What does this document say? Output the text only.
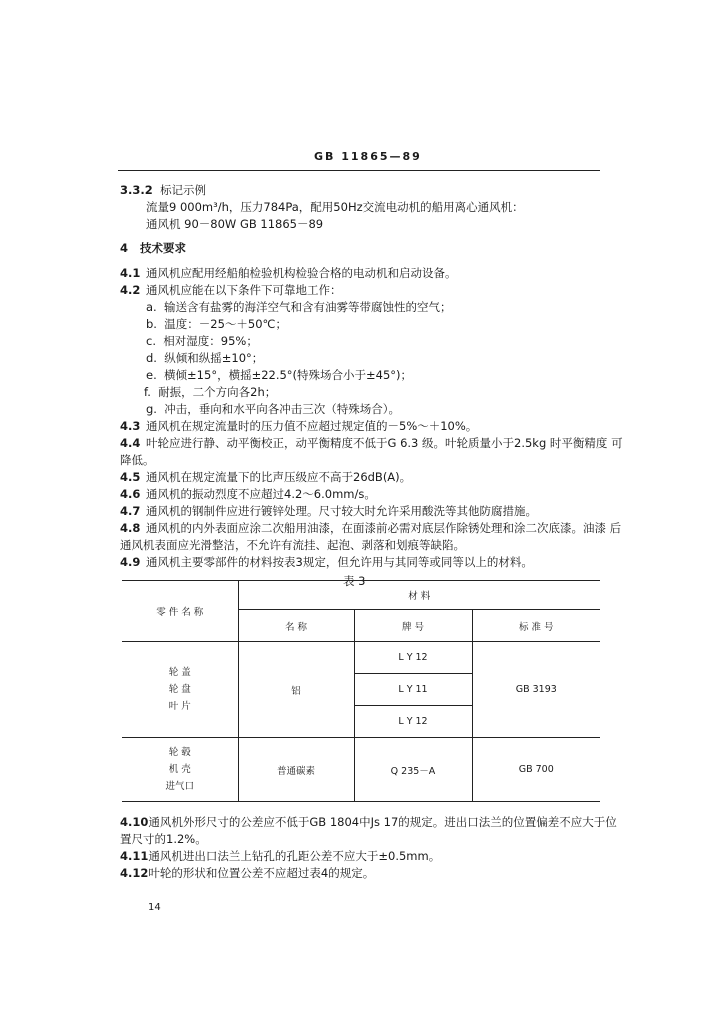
GB 11865—89
3.3.2 标记示例
流量9 000m³/h，压力784Pa，配用50Hz交流电动机的船用离心通风机：
通风机 90－80W GB 11865－89
4 技术要求
4.1 通风机应配用经船舶检验机构检验合格的电动机和启动设备。
4.2 通风机应能在以下条件下可靠地工作：
a. 输送含有盐雾的海洋空气和含有油雾等带腐蚀性的空气；
b. 温度：－25～＋50℃；
c. 相对湿度：95%；
d. 纵倾和纵摇±10°；
e. 横倾±15°，横摇±22.5°(特殊场合小于±45°)；
f. 耐振，二个方向各2h；
g. 冲击，垂向和水平向各冲击三次（特殊场合）。
4.3 通风机在规定流量时的压力值不应超过规定值的－5%～＋10%。
4.4 叶轮应进行静、动平衡校正，动平衡精度不低于G 6.3 级。叶轮质量小于2.5kg 时平衡精度 可
降低。
4.5 通风机在规定流量下的比声压级应不高于26dB(A)。
4.6 通风机的振动烈度不应超过4.2～6.0mm/s。
4.7 通风机的钢制件应进行镀锌处理。尺寸较大时允许采用酸洗等其他防腐措施。
4.8 通风机的内外表面应涂二次船用油漆，在面漆前必需对底层作除锈处理和涂二次底漆。油漆 后
通风机表面应光滑整洁，不允许有流挂、起泡、剥落和划痕等缺陷。
4.9 通风机主要零部件的材料按表3规定，但允许用与其同等或同等以上的材料。
表 3
零 件 名 称	材 料		
	名 称	牌 号	标 准 号

轮 盖
轮 盘
叶 片	铝	L Y 12	GB 3193
		L Y 11	
		L Y 12	

轮 毂
机 壳
进气口	普通碳素	Q 235－A	GB 700
4.10通风机外形尺寸的公差应不低于GB 1804中Js 17的规定。进出口法兰的位置偏差不应大于位
置尺寸的1.2%。
4.11通风机进出口法兰上钻孔的孔距公差不应大于±0.5mm。
4.12叶轮的形状和位置公差不应超过表4的规定。
14
